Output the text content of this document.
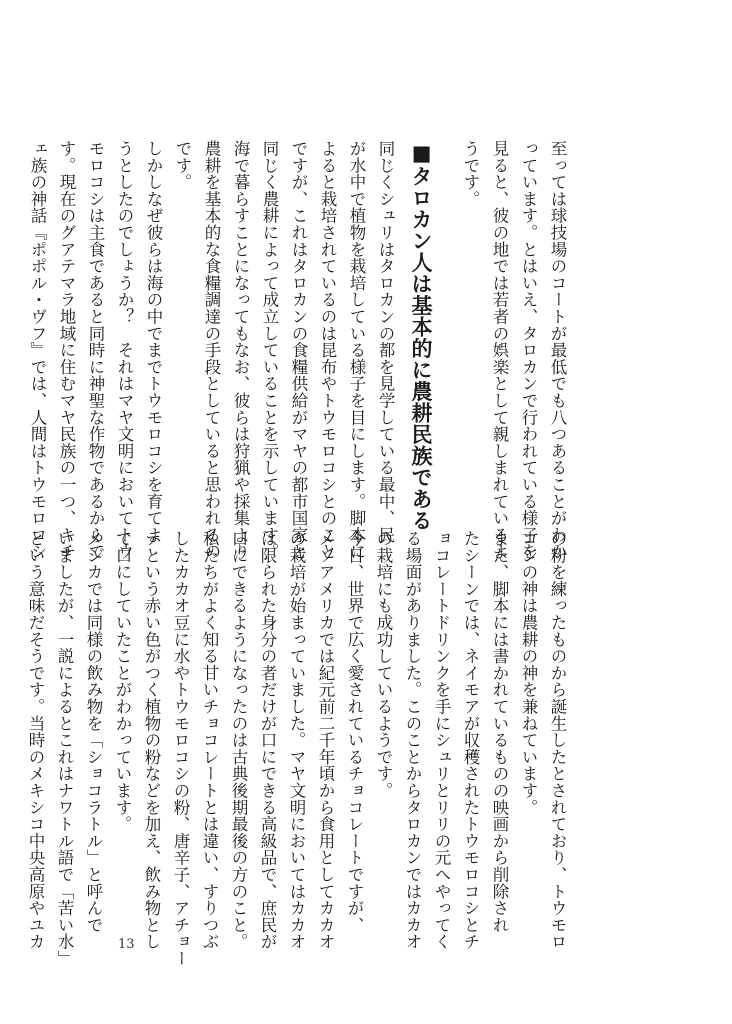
至っては球技場のコートが最低でも八つあることがわか
っています。とはいえ、タロカンで行われている様子を
見ると、彼の地では若者の娯楽として親しまれているよ
うです。
■タロカン人は基本的に農耕民族である
同じくシュリはタロカンの都を見学している最中、民
が水中で植物を栽培している様子を目にします。脚本に
よると栽培されているのは昆布やトウモロコシとのこと
ですが、これはタロカンの食糧供給がマヤの都市国家と
同じく農耕によって成立していることを示しています。
海で暮らすことになってもなお、彼らは狩猟や採集より
農耕を基本的な食糧調達の手段としていると思われるの
です。
しかしなぜ彼らは海の中でまでトウモロコシを育てよ
うとしたのでしょうか？　それはマヤ文明においてトウ
モロコシは主食であると同時に神聖な作物であるからで
す。現在のグアテマラ地域に住むマヤ民族の一つ、キチ
ェ族の神話『ポポル・ヴフ』では、人間はトウモロコシ
の粉を練ったものから誕生したとされており、トウモロ
コシの神は農耕の神を兼ねています。
また、脚本には書かれているものの映画から削除され
たシーンでは、ネイモアが収穫されたトウモロコシとチ
ョコレートドリンクを手にシュリとリリの元へやってく
る場面がありました。このことからタロカンではカカオ
の栽培にも成功しているようです。
今日、世界で広く愛されているチョコレートですが、
メソアメリカでは紀元前二千年頃から食用としてカカオ
の栽培が始まっていました。マヤ文明においてはカカオ
は限られた身分の者だけが口にできる高級品で、庶民が
口にできるようになったのは古典後期最後の方のこと。
私たちがよく知る甘いチョコレートとは違い、すりつぶ
したカカオ豆に水やトウモロコシの粉、唐辛子、アチョー
テという赤い色がつく植物の粉などを加え、飲み物とし
て口にしていたことがわかっています。
メシカでは同様の飲み物を「ショコラトル」と呼んで
いましたが、一説によるとこれはナワトル語で「苦い水」
という意味だそうです。当時のメキシコ中央高原やユカ	13
